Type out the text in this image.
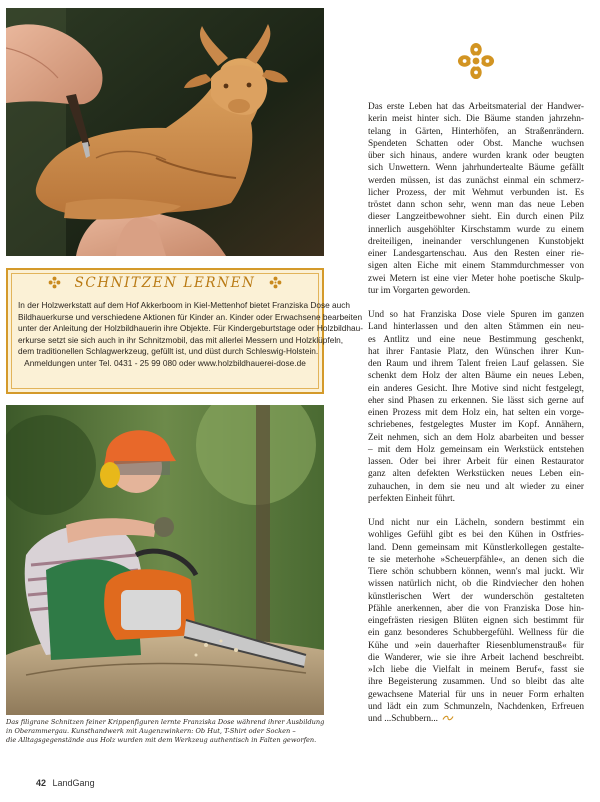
SCHNITZEN LERNEN

In der Holzwerkstatt auf dem Hof Akkerboom in Kiel-Mettenhof bietet Franziska Dose auch

Bildhauerkurse und verschiedene Aktionen für Kinder an. Kinder oder Erwachsene bearbeiten

unter der Anleitung der Holzbildhauerin ihre Objekte. Für Kindergeburtstage oder Holzbildhau-

erkurse setzt sie sich auch in ihr Schnitzmobil, das mit allerlei Messern und Holzklüpfeln,

dem traditionellen Schlagwerkzeug, gefüllt ist, und düst durch Schleswig-Holstein.

Anmeldungen unter Tel. 0431 - 25 99 080 oder www.holzbildhauerei-dose.de

Das filigrane Schnitzen feiner Krippenfiguren lernte Franziska Dose während ihrer Ausbildung

in Oberammergau. Kunsthandwerk mit Augenzwinkern: Ob Hut, T-Shirt oder Socken –

die Alltagsgegenstände aus Holz wurden mit dem Werkzeug authentisch in Falten geworfen.

Das erste Leben hat das Arbeitsmaterial der Handwer-
kerin meist hinter sich. Die Bäume standen jahrzehn-
telang in Gärten, Hinterhöfen, an Straßenrändern.
Spendeten Schatten oder Obst. Manche wuchsen
über sich hinaus, andere wurden krank oder beugten
sich Unwettern. Wenn jahrhundertealte Bäume gefällt
werden müssen, ist das zunächst einmal ein schmerz-
licher Prozess, der mit Wehmut verbunden ist. Es
tröstet dann schon sehr, wenn man das neue Leben
dieser Langzeitbewohner sieht. Ein durch einen Pilz
innerlich ausgehöhlter Kirschstamm wurde zu einem
dreiteiligen, ineinander verschlungenen Kunstobjekt
einer Landesgartenschau. Aus den Resten einer rie-
sigen alten Eiche mit einem Stammdurchmesser von
zwei Metern ist eine vier Meter hohe poetische Skulp-
tur im Vorgarten geworden.
Und so hat Franziska Dose viele Spuren im ganzen
Land hinterlassen und den alten Stämmen ein neu-
es Antlitz und eine neue Bestimmung geschenkt,
hat ihrer Fantasie Platz, den Wünschen ihrer Kun-
den Raum und ihrem Talent freien Lauf gelassen. Sie
schenkt dem Holz der alten Bäume ein neues Leben,
ein anderes Gesicht. Ihre Motive sind nicht festgelegt,
eher sind Phasen zu erkennen. Sie lässt sich gerne auf
einen Prozess mit dem Holz ein, hat selten ein vorge-
schriebenes, festgelegtes Muster im Kopf. Annähern,
Zeit nehmen, sich an dem Holz abarbeiten und besser
– mit dem Holz gemeinsam ein Werkstück entstehen
lassen. Oder bei ihrer Arbeit für einen Restaurator
ganz alten defekten Werkstücken neues Leben ein-
zuhauchen, in dem sie neu und alt wieder zu einer
perfekten Einheit führt.
Und nicht nur ein Lächeln, sondern bestimmt ein
wohliges Gefühl gibt es bei den Kühen in Ostfries-
land. Denn gemeinsam mit Künstlerkollegen gestalte-
te sie meterhohe »Scheuerpfähle«, an denen sich die
Tiere schön schubbern können, wenn's mal juckt. Wir
wissen natürlich nicht, ob die Rindviecher den hohen
künstlerischen Wert der wunderschön gestalteten
Pfähle anerkennen, aber die von Franziska Dose hin-
eingefrästen riesigen Blüten eignen sich bestimmt für
ein ganz besonderes Schubbergefühl. Wellness für die
Kühe und »ein dauerhafter Riesenblumenstrauß« für
die Wanderer, wie sie ihre Arbeit lachend beschreibt.
»Ich liebe die Vielfalt in meinem Beruf«, fasst sie
ihre Begeisterung zusammen. Und so bleibt das alte
gewachsene Material für uns in neuer Form erhalten
und lädt ein zum Schmunzeln, Nachdenken, Erfreuen
und ...Schubbern...
42 LandGang
